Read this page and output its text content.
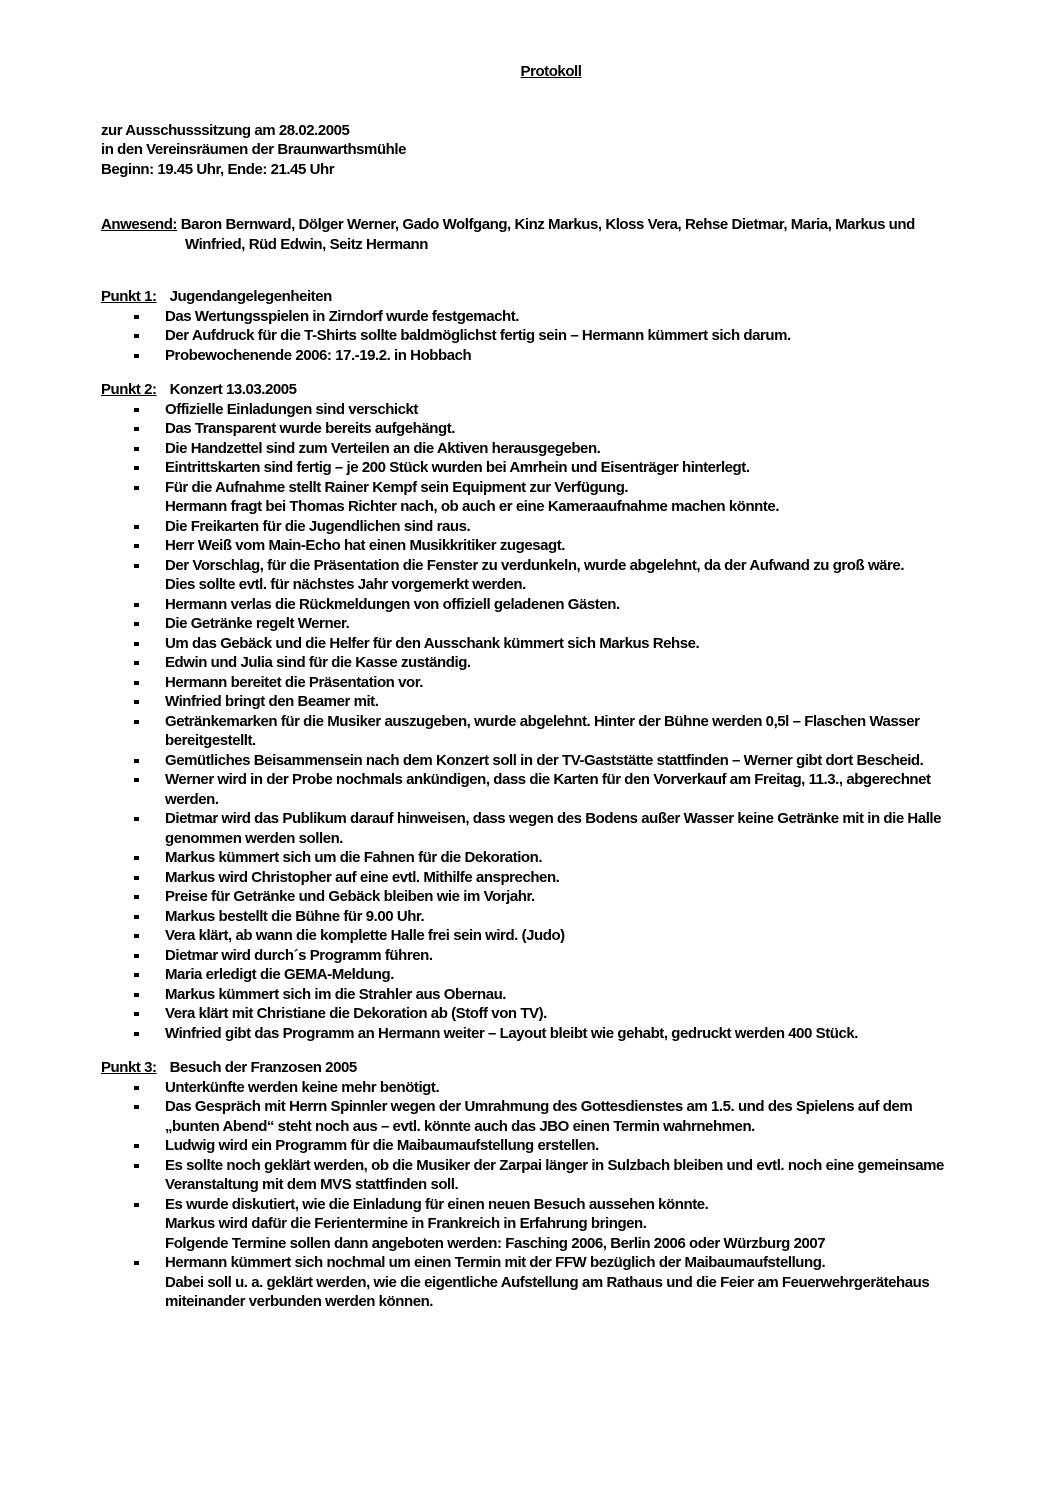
Protokoll
zur Ausschusssitzung am 28.02.2005
in den Vereinsräumen der Braunwarthsmühle
Beginn: 19.45 Uhr, Ende: 21.45 Uhr
Anwesend: Baron Bernward, Dölger Werner, Gado Wolfgang, Kinz Markus, Kloss Vera, Rehse Dietmar, Maria, Markus und
Winfried, Rüd Edwin, Seitz Hermann
Punkt 1: Jugendangelegenheiten
Das Wertungsspielen in Zirndorf wurde festgemacht.
Der Aufdruck für die T-Shirts sollte baldmöglichst fertig sein – Hermann kümmert sich darum.
Probewochenende 2006: 17.-19.2. in Hobbach
Punkt 2: Konzert 13.03.2005
Offizielle Einladungen sind verschickt
Das Transparent wurde bereits aufgehängt.
Die Handzettel sind zum Verteilen an die Aktiven herausgegeben.
Eintrittskarten sind fertig – je 200 Stück wurden bei Amrhein und Eisenträger hinterlegt.
Für die Aufnahme stellt Rainer Kempf sein Equipment zur Verfügung.
Hermann fragt bei Thomas Richter nach, ob auch er eine Kameraaufnahme machen könnte.
Die Freikarten für die Jugendlichen sind raus.
Herr Weiß vom Main-Echo hat einen Musikkritiker zugesagt.
Der Vorschlag, für die Präsentation die Fenster zu verdunkeln, wurde abgelehnt, da der Aufwand zu groß wäre.
Dies sollte evtl. für nächstes Jahr vorgemerkt werden.
Hermann verlas die Rückmeldungen von offiziell geladenen Gästen.
Die Getränke regelt Werner.
Um das Gebäck und die Helfer für den Ausschank kümmert sich Markus Rehse.
Edwin und Julia sind für die Kasse zuständig.
Hermann bereitet die Präsentation vor.
Winfried bringt den Beamer mit.
Getränkemarken für die Musiker auszugeben, wurde abgelehnt. Hinter der Bühne werden 0,5l – Flaschen Wasser
bereitgestellt.
Gemütliches Beisammensein nach dem Konzert soll in der TV-Gaststätte stattfinden – Werner gibt dort Bescheid.
Werner wird in der Probe nochmals ankündigen, dass die Karten für den Vorverkauf am Freitag, 11.3., abgerechnet
werden.
Dietmar wird das Publikum darauf hinweisen, dass wegen des Bodens außer Wasser keine Getränke mit in die Halle
genommen werden sollen.
Markus kümmert sich um die Fahnen für die Dekoration.
Markus wird Christopher auf eine evtl. Mithilfe ansprechen.
Preise für Getränke und Gebäck bleiben wie im Vorjahr.
Markus bestellt die Bühne für 9.00 Uhr.
Vera klärt, ab wann die komplette Halle frei sein wird. (Judo)
Dietmar wird durch´s Programm führen.
Maria erledigt die GEMA-Meldung.
Markus kümmert sich im die Strahler aus Obernau.
Vera klärt mit Christiane die Dekoration ab (Stoff von TV).
Winfried gibt das Programm an Hermann weiter – Layout bleibt wie gehabt, gedruckt werden 400 Stück.
Punkt 3: Besuch der Franzosen 2005
Unterkünfte werden keine mehr benötigt.
Das Gespräch mit Herrn Spinnler wegen der Umrahmung des Gottesdienstes am 1.5. und des Spielens auf dem
„bunten Abend“ steht noch aus – evtl. könnte auch das JBO einen Termin wahrnehmen.
Ludwig wird ein Programm für die Maibaumaufstellung erstellen.
Es sollte noch geklärt werden, ob die Musiker der Zarpai länger in Sulzbach bleiben und evtl. noch eine gemeinsame
Veranstaltung mit dem MVS stattfinden soll.
Es wurde diskutiert, wie die Einladung für einen neuen Besuch aussehen könnte.
Markus wird dafür die Ferientermine in Frankreich in Erfahrung bringen.
Folgende Termine sollen dann angeboten werden: Fasching 2006, Berlin 2006 oder Würzburg 2007
Hermann kümmert sich nochmal um einen Termin mit der FFW bezüglich der Maibaumaufstellung.
Dabei soll u. a. geklärt werden, wie die eigentliche Aufstellung am Rathaus und die Feier am Feuerwehrgerätehaus
miteinander verbunden werden können.
